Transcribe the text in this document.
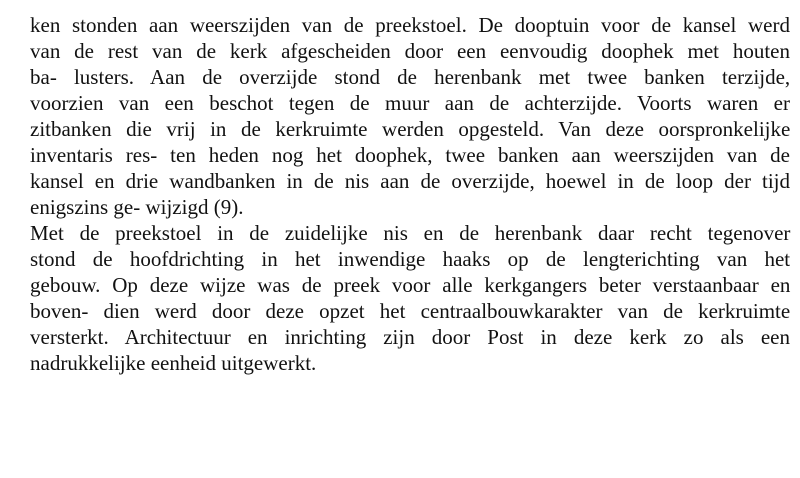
ken stonden aan weerszijden van de preekstoel. De dooptuin voor de kansel werd
van de rest van de kerk afgescheiden door een eenvoudig doophek met houten
ba- lusters. Aan de overzijde stond de herenbank met twee banken terzijde,
voorzien van een beschot tegen de muur aan de achterzijde. Voorts waren er
zitbanken die vrij in de kerkruimte werden opgesteld. Van deze oorspronkelijke
inventaris res- ten heden nog het doophek, twee banken aan weerszijden van de
kansel en drie wandbanken in de nis aan de overzijde, hoewel in de loop der tijd
enigszins ge- wijzigd (9).
Met de preekstoel in de zuidelijke nis en de herenbank daar recht tegenover
stond de hoofdrichting in het inwendige haaks op de lengterichting van het
gebouw. Op deze wijze was de preek voor alle kerkgangers beter verstaanbaar en
boven- dien werd door deze opzet het centraalbouwkarakter van de kerkruimte
versterkt. Architectuur en inrichting zijn door Post in deze kerk zo als een
nadrukkelijke eenheid uitgewerkt.
